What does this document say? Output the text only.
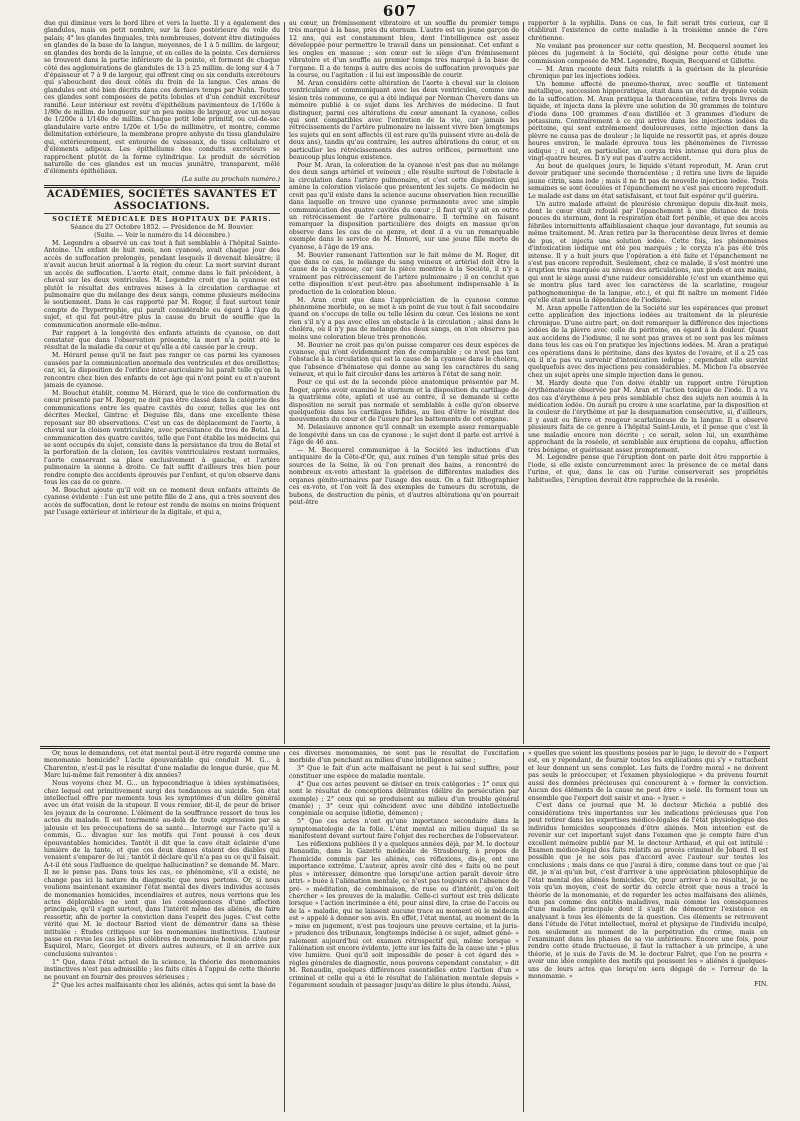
607

due qui diminue vers le bord libre et vers la luette. Il y a également des glandules, mais en petit nombre, sur la face postérieure du voile du palais; 4° les glandes linguales, très nombreuses, doivent être distinguées en glandes de la base de la langue, moyennes, de 1 à 5 millim. de largeur, en glandes des bords de la langue, et en celles de la pointe. Ces dernières se trouvent dans la partie inférieure de la pointe, et forment de chaque côté des agglomérations de glandules de 13 à 25 millim. de long sur 4 à 7 d'épaisseur et 7 à 9 de largeur, qui offrent cinq ou six conduits excréteurs qui s'abouchent des deux côtés du frein de la langue. Ces amas de glandules ont été bien décrits dans ces derniers temps par Nuhn. Toutes ces glandes sont composées de petits lobules et d'un conduit excréteur ramifié. Leur intérieur est revêtu d'épithélium pavimenteux de 1/160e à 1/80e de millim. de longueur, sur un peu moins de largeur, avec un noyau de 1/200e à 1/140e de millim. Chaque petit lobe primitif, ou cul-de-sac glandulaire varie entre 1/20e et 1/5e de millimètre, et montre, comme délimitation extérieure, la membrane propre anhyste du tissu glandulaire qui, extérieurement, est entourée de vaisseaux, de tissu cellulaire et d'éléments adipeux. Les épithéliums des conduits excréteurs se rapprochent plutôt de la forme cylindrique. Le produit de sécrétion naturelle de ces glandes est un mucus jaunâtre, transparent, mêlé d'éléments épithéliaux.

(La suite au prochain numéro.)

ACADÉMIES, SOCIÉTÉS SAVANTES ET ASSOCIATIONS.

SOCIÉTÉ MÉDICALE DES HOPITAUX DE PARIS.

Séance du 27 Octobre 1852. — Présidence de M. Bouvier.

(Suite. — Voir le numéro du 14 décembre.)

M. Legendre a observé un cas tout à fait semblable à l'hôpital Sainte-Antoine. Un enfant de huit mois, non cyanosé, avait chaque jour des accès de suffocation prolongés, pendant lesquels il devenait bleuâtre; il n'avait aucun bruit anormal à la région du cœur. La mort survint durant un accès de suffocation. L'aorte était, comme dans le fait précédent, à cheval sur les deux ventricules. M. Legendre croit que la cyanose est plutôt le résultat des entraves mises à la circulation cardiaque et pulmonaire que du mélange des deux sangs, comme plusieurs médecins le soutiennent. Dans le cas rapporté par M. Roger, il faut surtout tenir compte de l'hypertrophie, qui paraît considérable eu égard à l'âge du sujet, et qui fut peut-être plus la cause du bruit de souffle que la communication anormale elle-même.

Par rapport à la longévité des enfants atteints de cyanose, on doit constater que dans l'observation présente, la mort n'a point été le résultat de la maladie du cœur et qu'elle a été causée par le croup.

M. Hérard pense qu'il ne faut pas ranger ce cas parmi les cyanoses causées par la communication anormale des ventricules et des oreillettes; car, ici, la disposition de l'orifice inter-auriculaire lui paraît telle qu'on la rencontre chez bien des enfants de cet âge qui n'ont point eu et n'auront jamais de cyanose.

M. Bouchut établit, comme M. Hérard, que le vice de conformation du cœur présenté par M. Roger, ne doit pas être classé dans la catégorie des communications entre les quatre cavités du cœur, telles que les ont décrites Meckel, Gintrac et Deguise fils, dans une excellente thèse reposant sur 80 observations. C'est un cas de déplacement de l'aorte, à cheval sur la cloison ventriculaire, avec persistance du trou de Botal. La communication des quatre cavités, telle que l'ont établie les médecins qui se sont occupés du sujet, consiste dans la persistance du trou de Botal et la perforation de la cloison, les cavités ventriculaires restant normales, l'aorte conservant sa place exclusivement à gauche, et l'artère pulmonaire la sienne à droite. Ce fait suffit d'ailleurs très bien pour rendre compte des accidents éprouvés par l'enfant, et qu'on observe dans tous les cas de ce genre.

M. Bouchut ajoute qu'il voit en ce moment deux enfants atteints de cyanose évidente : l'un est une petite fille de 2 ans, qui a très souvent des accès de suffocation, dont le retour est rendu de moins en moins fréquent par l'usage extérieur et intérieur de la digitale, et qui a,

au cœur, un frémissement vibratoire et un souffle du premier temps très marqué à la base, près du sternum. L'autre est un jeune garçon de 12 ans, qui est constamment bleu, dont l'intelligence est assez développée pour permettre le travail dans un pensionnat. Cet enfant a les ongles en massue ; son cœur est le siège d'un frémissement vibratoire et d'un souffle au premier temps très marqué à la base de l'organe. Il a de temps à autre des accès de suffocation provoqués par la course, ou l'agitation : il lui est impossible de courir.

M. Aran considère cette altération de l'aorte à cheval sur la cloison ventriculaire et communiquant avec les deux ventricules, comme une lésion très commune, ce qui a été indiqué par Norman Chevers dans un mémoire publié à ce sujet dans les Archives de médecine. Il faut distinguer, parmi ces altérations du cœur amenant la cyanose, celles qui sont compatibles avec l'entretien de la vie, car jamais les rétrécissements de l'artère pulmonaire ne laissent vivre bien longtemps les sujets qui en sont affectés (il est rare qu'ils puissent vivre au-delà de deux ans), tandis qu'au contraire, les autres altérations du cœur, et en particulier les rétrécissements des autres orifices, permettent une beaucoup plus longue existence.

Pour M. Aran, la coloration de la cyanose n'est pas due au mélange des deux sangs artériel et veineux ; elle résulte surtout de l'obstacle à la circulation dans l'artère pulmonaire, et c'est cette disposition qui amène la coloration violacée que présentent les sujets. Ce médecin ne croit pas qu'il existe dans la science aucune observation bien recueillie dans laquelle on trouve une cyanose permanente avec une simple communication des quatre cavités du cœur ; il faut qu'il y ait en outre un rétrécissement de l'artère pulmonaire. Il termine en faisant remarquer la disposition particulière des doigts en massue qu'on observe dans les cas de ce genre, et dont il a vu un remarquable exemple dans le service de M. Honoré, sur une jeune fille morte de cyanose, à l'âge de 19 ans.

M. Bouvier ramenant l'attention sur le fait même de M. Roger, dit que dans ce cas, le mélange du sang veineux et artériel doit être la cause de la cyanose, car sur la pièce montrée à la Société, il n'y a vraiment pas rétrécissement de l'artère pulmonaire ; il en conclut que cette disposition n'est peut-être pas absolument indispensable à la production de la coloration bleue.

M. Aran croit que dans l'appréciation de la cyanose comme phénomène morbide, on se met à un point de vue tout à fait secondaire quand on s'occupe de telle ou telle lésion du cœur. Ces lésions ne sont rien s'il n'y a pas avec elles un obstacle à la circulation ; ainsi dans le choléra, où il n'y pas de mélange des deux sangs, on n'en observe pas moins une coloration bleue très prononcée.

M. Bouvier ne croit pas qu'on puisse comparer ces deux espèces de cyanose, qui n'ont évidemment rien de comparable ; ce n'est pas tant l'obstacle à la circulation qui est la cause de la cyanose dans le choléra, que l'absence d'hématose qui donne au sang les caractères du sang veineux, et qui le fait circuler dans les artères à l'état de sang noir.

Pour ce qui est de la seconde pièce anatomique présentée par M. Roger, après avoir examiné le sternum et la disposition du cartilage de la quatrième côte, aplati et usé au centre, il se demande si cette disposition ne serait pas normale et semblable à celle qu'on observe quelquefois dans les cartilages bifides, au lieu d'être le résultat des mouvements du cœur et de l'usure par les battements de cet organe.

M. Delasiauve annonce qu'il connaît un exemple assez remarquable de longévité dans un cas de cyanose ; le sujet dont il parle est arrivé à l'âge de 46 ans.

— M. Becquerel communique à la Société les inductions d'un antiquaire de la Côte-d'Or, qui, aux ruines d'un temple situé près des sources de la Seine, là où l'on prenait des bains, a rencontré de nombreux ex-voto attestant la guérison de différentes maladies des organes génito-urinaires par l'usage des eaux. On a fait lithographier ces ex-voto, et l'on voit là des exemples de tumeurs du scrotum, de bubons, de destruction du pénis, et d'autres altérations qu'on pourrait peut-être

rapporter à la syphilis. Dans ce cas, le fait serait très curieux, car il établirait l'existence de cette maladie à la troisième année de l'ère chrétienne.

Ne voulant pas prononcer sur cette question, M. Becquerel soumet les pièces du jugement à la Société, qui désigne pour cette étude une commission composée de MM. Legendre, Requin, Becquerel et Gillette.

— M. Aran raconte deux faits relatifs à la guérison de la pleurésie chronique par les injections iodées.

Un homme affecté de pneumo-thorax, avec souffle et tintement métallique, succession hippocratique, était dans un état de dyspnée voisin de la suffocation. M. Aran pratiqua la thoracentèse, retira trois livres de liquide, et injecta dans la plèvre une solution de 30 grammes de teinture d'iode dans 100 grammes d'eau distillée et 3 grammes d'iodure de potassium. Contrairement à ce qui arrive dans les injections iodées du péritoine, qui sont extrêmement douloureuses, cette injection dans la plèvre ne causa pas de douleur ; le liquide ne ressortit pas, et après douze heures environ, le malade éprouva tous les phénomènes de l'ivresse iodique ; il eut, en particulier, un coryza très intense qui dura plus de vingt-quatre heures. Il n'y eut pas d'autre accident.

Au bout de quelques jours, le liquide s'étant reproduit, M. Aran crut devoir pratiquer une seconde thoracentèse ; il retira une livre de liquide jaune citrin, sans iode ; mais il ne fit pas de nouvelle injection iodée. Trois semaines se sont écoulées et l'épanchement ne s'est pas encore reproduit. Le malade est dans un état satisfaisant, et tout fait espérer qu'il guérira.

Un autre malade atteint de pleurésie chronique depuis dix-huit mois, dont le cœur était refoulé par l'épanchement à une distance de trois pouces du sternum, dont la respiration était fort pénible, et que des accès fébriles intermittents affaiblissaient chaque jour davantage, fut soumis au même traitement. M. Aran retira par la thoracentèse deux livres et demie de pus, et injecta une solution iodée. Cette fois, les phénomènes d'intoxication iodique ont été peu marqués ; le coryza n'a pas été très intense. Il y a huit jours que l'opération a été faite et l'épanchement ne s'est pas encore reproduit. Seulement, chez ce malade, il s'est montré une éruption très marquée au niveau des articulations, aux pieds et aux mains, qui sont le siège aussi d'une raideur considérable (c'est un exanthème qui se montra plus tard avec les caractères de la scarlatine, rougeur pathognomonique de la langue, etc.), et qui fit naître un moment l'idée qu'elle était sous la dépendance de l'iodisme.

M. Aran appelle l'attention de la Société sur les espérances que promet cette application des injections iodées au traitement de la pleurésie chronique. D'une autre part, on doit remarquer la différence des injections iodées de la plèvre avec celle du péritoine, en égard à la douleur. Quant aux accidens de l'iodisme, il ne sont pas graves et ne sont pas les mêmes dans tous les cas où l'on pratique les injections iodées. M. Aran a pratiqué ces opérations dans le péritoine, dans des kystes de l'ovaire, et il a 25 cas où il n'a pas vu survenir d'intoxication iodique ; cependant elle survint quelquefois avec des injections peu considérables. M. Michon l'a observée chez un sujet après une simple injection dans le genou.

M. Hardy doute que l'on doive établir un rapport entre l'éruption érythémateuse observée par M. Aran et l'action toxique de l'iode. Il a vu des cas d'érythème à peu près semblable chez des sujets non soumis à la médication iodée. On aurait pu croire à une scarlatine, par la disposition et la couleur de l'érythème et par la desquamation consécutive, si, d'ailleurs, il y avait eu fièvre et rougeur scarlatineuse de la langue. Il a observé plusieurs faits de ce genre à l'hôpital Saint-Louis, et il pense que c'est là une maladie encore non décrite ; ce serait, selon lui, un exanthème approchant de la roséole, et semblable aux éruptions de copahu, affection très bénigne, et guérissant assez promptement.

M. Legendre pense que l'éruption dont on parle doit être rapportée à l'iode, si elle existe concurremment avec la présence de ce métal dans l'urine, et que, dans le cas où l'urine conserverait ses propriétés habituelles, l'éruption devrait être rapprochée de la roséole.

Or, nous le demandons, cet état mental peut-il être regardé comme une monomanie homicide? L'acte épouvantable qui conduit M. G... à Charenton, n'est-il pas le résultat d'une maladie de longue durée, que M. Marc lui-même fait remonter à dix années?

Nous voyons chez M. G... un hypocondriaque à idées systématisées, chez lequel ont primitivement surgi des tendances au suicide. Son état intellectuel offre par moments tous les symptômes d'un délire général avec un état voisin de la stupeur. Il vous remuer, dit-il, de peur de briser les joyaux de la couronne. L'élément de la souffrance ressort de tous les actes du malade. Il est tourmenté au-delà de toute expression par sa jalousie et les préoccupations de sa santé... Interrogé sur l'acte qu'il a commis, G... divague sur les motifs qui l'ont poussé à ces deux épouvantables homicides. Tantôt il dit que la cave était éclairée d'une lumière de la tante, et que ces deux dames étaient des diables qui venaient s'emparer de lui ; tantôt il déclare qu'il n'a pas su ce qu'il faisait. A-t-il été sous l'influence de quelque hallucination? se demande M. Marc. Il ne le pense pas. Dans tous les cas, ce phénomène, s'il a existé, ne change pas ici la nature du diagnostic que nous portons. Or, si nous voulions maintenant examiner l'état mental des divers individus accusés de monomanies homicides, incendiaires et autres, nous verrions que les actes déplorables ne sont que les conséquences d'une affection principale, qu'il s'agit surtout, dans l'intérêt même des aliénés, de faire ressortir, afin de porter la conviction dans l'esprit des juges. C'est cette vérité que M. le docteur Bariod vient de démontrer dans sa thèse intitulée : Études critiques sur les monomanies instinctives. L'auteur passe en revue les cas les plus célèbres de monomanie homicide cités par Esquirol, Marc, Georget et divers autres auteurs, et il en arrive aux conclusions suivantes :

1° Que, dans l'état actuel de la science, la théorie des monomanies instinctives n'est pas admissible ; les faits cités à l'appui de cette théorie ne pouvant en fournir des preuves sérieuses ;

2° Que les actes malfaisants chez les aliénés, actes qui sont la base de

ces diverses monomanies, ne sont pas le résultat de l'excitation morbide d'un penchant au milieu d'une intelligence saine ;

3° Que le fait d'un acte malfaisant ne peut à lui seul suffire, pour constituer une espèce de maladie mentale.

4° Que ces actes peuvent se diviser en trois catégories : 1° ceux qui sont le résultat de conceptions délirantes (délire de persécution par exemple) ; 2° ceux qui se produisent au milieu d'un trouble général (manie) ; 3° ceux qui coïncident avec une débilité intellectuelle congéniale ou acquise (idiotie, démence) ;

5° Que ces actes n'ont qu'une importance secondaire dans la symptomatologie de la folie. L'état mental au milieu duquel ils se manifestent devant surtout faire l'objet des recherches de l'observateur.

Les réflexions publiées il y a quelques années déjà, par M. le docteur Renaudin, dans la Gazette médicale de Strasbourg, à propos de l'homicide commis par les aliénés, ces réflexions, dis-je, ont une importance extrême. L'auteur, après avoir cité des « faits où ne peut plus » intéresser, démontre que lorsqu'une action paraît devoir être attri- » buée à l'aliénation mentale, ce n'est pas toujours en l'absence de pré- » méditation, de combinaison, de ruse ou d'intérêt, qu'on doit chercher » les preuves de la maladie. Celle-ci surtout est très délicate lorsque » l'action incriminée a été, pour ainsi dire, la crise de l'accès ou de la » maladie, qui ne laissent aucune trace au moment où le médecin est » appelé à donner son avis. En effet, l'état mental, au moment de la » mise en jugement, n'est pas toujours une preuve certaine, et la juris- » prudence des tribunaux, longtemps indécise à ce sujet, admet géné- » ralement aujourd'hui cet examen rétrospectif qui, même lorsque » l'aliénation est encore évidente, jette sur les faits de la cause une » plus vive lumière. Quoi qu'il soit impossible de poser à cet égard des » règles générales de diagnostic, nous pouvons cependant constater, » dit M. Renaudin, quelques différences essentielles entre l'action d'un » criminel et celle qui a été le résultat de l'aliénation mentale depuis » l'égarement soudain et passager jusqu'au délire le plus étendu. Aussi,

» quelles que soient les questions posées par le juge, le devoir de » l'expert est, en y répondant, de fournir toutes les explications qui s'y » rattachent et leur donnent un sens complet. Les faits de l'ordre moral » ne doivent pas seuls le préoccuper, et l'examen physiologique » du prévenu fournit aussi des données précieuses qui concourent à » former la conviction. Aucun des éléments de la cause ne peut être » isolé. Ils forment tous un ensemble que l'expert doit saisir et ana- » lyser. »

C'est dans ce journal que M. le docteur Michéa a publié des considérations très importantes sur les indications précieuses que l'on peut retirer dans les expertises médico-légales de l'état physiologique des individus homicides soupçonnés d'être aliénés. Mon intention est de revenir sur cet important sujet dans l'examen que je compte faire d'un excellent mémoire publié par M. le docteur Arthaud, et qui est intitulé : Examen médico-légal des faits relatifs au procès criminel de Jobard. Il est possible que je ne sois pas d'accord avec l'auteur sur toutes les conclusions ; mais dans ce que j'aurai à dire, comme dans tout ce que j'ai dit, je n'ai qu'un but, c'est d'arriver à une appréciation philosophique de l'état mental des aliénés homicides. Or, pour arriver à ce résultat, je ne vois qu'un moyen, c'est de sortir du cercle étroit que nous a tracé la théorie de la monomanie, et de regarder les actes malfaisans des aliénés, non pas comme des entités maladives, mais comme les conséquences d'une maladie principale dont il s'agit de démontrer l'existence en analysant à tous les éléments de la question. Ces éléments se retrouvent dans l'étude de l'état intellectuel, moral et physique de l'individu incalpé, non seulement au moment de la perpétration du crime, mais en l'examinant dans les phases de sa vie antérieure. Encore une fois, pour rendre cette étude fructueuse, il faut la rattacher à un principe, à une théorie, et je suis de l'avis de M. le docteur Falret, que l'on ne pourra « avoir une idée complète des motifs qui poussent les » aliénés à quelques-uns de leurs actes que lorsqu'on sera dégagé de » l'erreur de la monomanie. »

FIN.
